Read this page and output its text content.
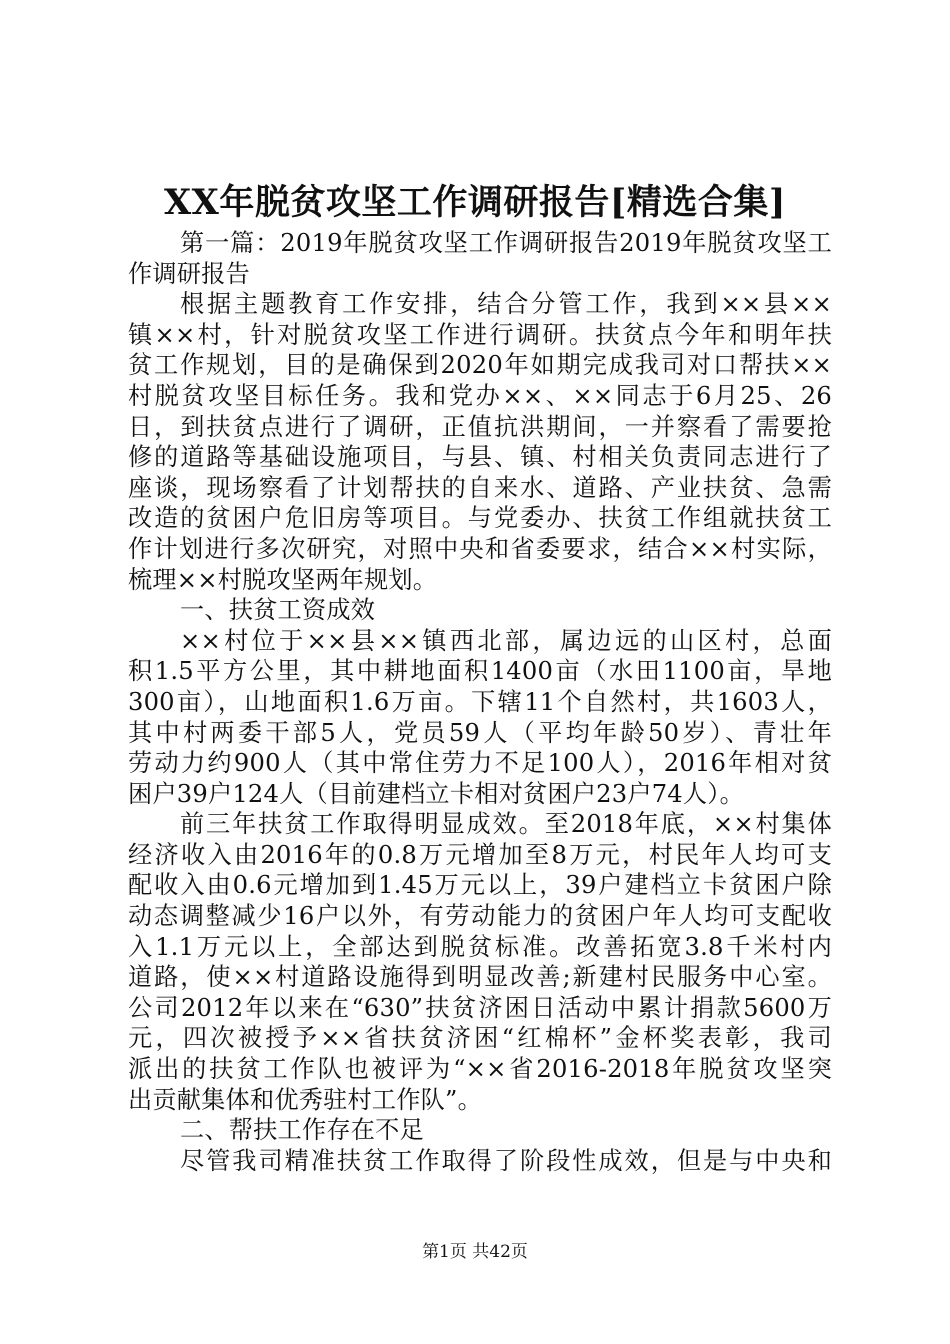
XX年脱贫攻坚工作调研报告[精选合集]
第一篇：2019年脱贫攻坚工作调研报告2019年脱贫攻坚工
作调研报告
根据主题教育工作安排，结合分管工作，我到××县××
镇××村，针对脱贫攻坚工作进行调研。扶贫点今年和明年扶
贫工作规划，目的是确保到2020年如期完成我司对口帮扶××
村脱贫攻坚目标任务。我和党办××、××同志于6月25、26
日，到扶贫点进行了调研，正值抗洪期间，一并察看了需要抢
修的道路等基础设施项目，与县、镇、村相关负责同志进行了
座谈，现场察看了计划帮扶的自来水、道路、产业扶贫、急需
改造的贫困户危旧房等项目。与党委办、扶贫工作组就扶贫工
作计划进行多次研究，对照中央和省委要求，结合××村实际，
梳理××村脱攻坚两年规划。
一、扶贫工资成效
××村位于××县××镇西北部，属边远的山区村，总面
积1.5平方公里，其中耕地面积1400亩（水田1100亩，旱地
300亩），山地面积1.6万亩。下辖11个自然村，共1603人，
其中村两委干部5人，党员59人（平均年龄50岁）、青壮年
劳动力约900人（其中常住劳力不足100人），2016年相对贫
困户39户124人（目前建档立卡相对贫困户23户74人）。
前三年扶贫工作取得明显成效。至2018年底，××村集体
经济收入由2016年的0.8万元增加至8万元，村民年人均可支
配收入由0.6元增加到1.45万元以上，39户建档立卡贫困户除
动态调整减少16户以外，有劳动能力的贫困户年人均可支配收
入1.1万元以上，全部达到脱贫标准。改善拓宽3.8千米村内
道路，使××村道路设施得到明显改善;新建村民服务中心室。
公司2012年以来在“630”扶贫济困日活动中累计捐款5600万
元，四次被授予××省扶贫济困“红棉杯”金杯奖表彰，我司
派出的扶贫工作队也被评为“××省2016-2018年脱贫攻坚突
出贡献集体和优秀驻村工作队”。
二、帮扶工作存在不足
尽管我司精准扶贫工作取得了阶段性成效，但是与中央和
第1页 共42页
